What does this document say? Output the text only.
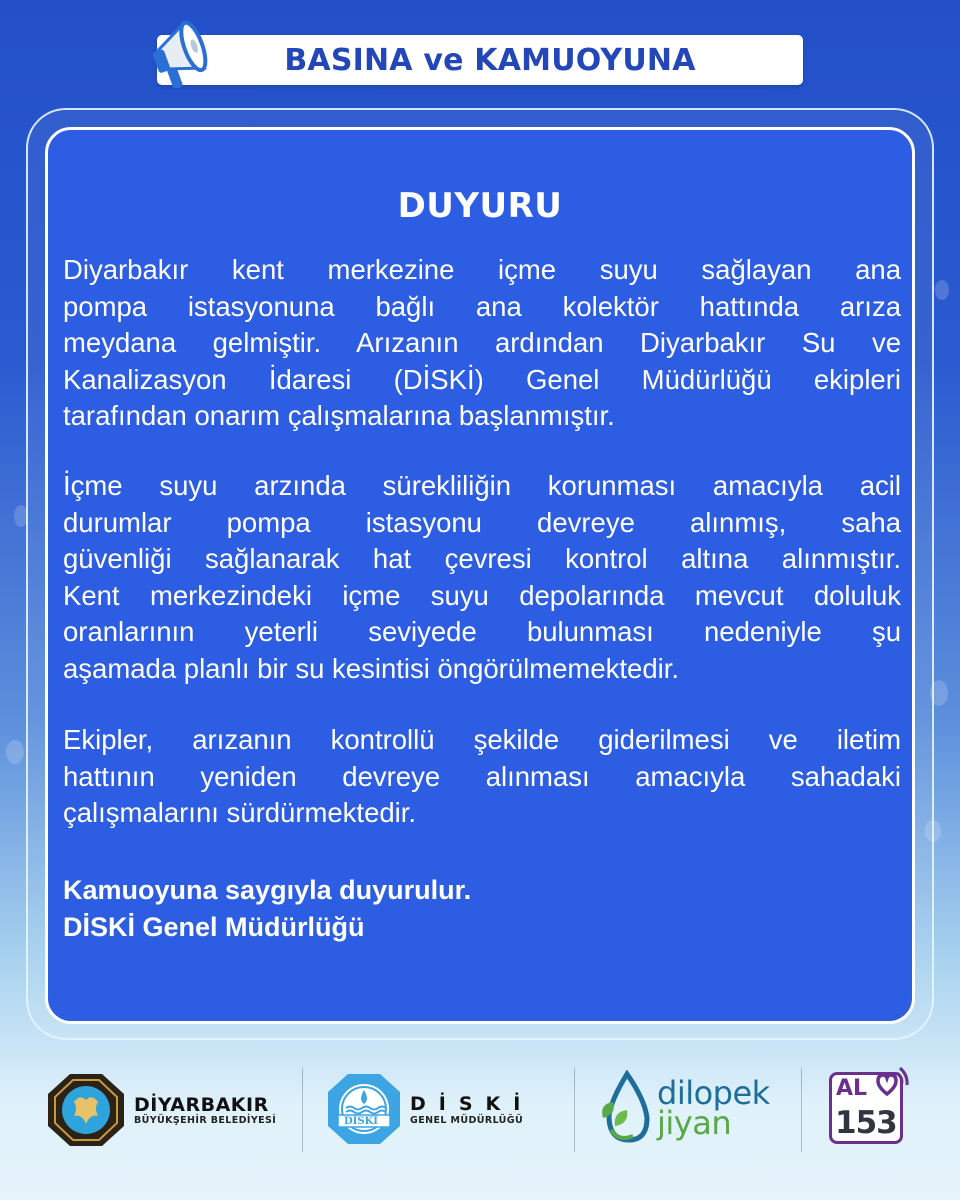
BASINA ve KAMUOYUNA
DUYURU
Diyarbakır kent merkezine içme suyu sağlayan ana
pompa istasyonuna bağlı ana kolektör hattında arıza
meydana gelmiştir. Arızanın ardından Diyarbakır Su ve
Kanalizasyon İdaresi (DİSKİ) Genel Müdürlüğü ekipleri
tarafından onarım çalışmalarına başlanmıştır.
İçme suyu arzında sürekliliğin korunması amacıyla acil
durumlar pompa istasyonu devreye alınmış, saha
güvenliği sağlanarak hat çevresi kontrol altına alınmıştır.
Kent merkezindeki içme suyu depolarında mevcut doluluk
oranlarının yeterli seviyede bulunması nedeniyle şu
aşamada planlı bir su kesintisi öngörülmemektedir.
Ekipler, arızanın kontrollü şekilde giderilmesi ve iletim
hattının yeniden devreye alınması amacıyla sahadaki
çalışmalarını sürdürmektedir.
Kamuoyuna saygıyla duyurulur.
DİSKİ Genel Müdürlüğü
DİYARBAKIR
BÜYÜKŞEHİR BELEDİYESİ	DİSKİ
DİSKİ
GENEL MÜDÜRLÜĞÜ
dilopek
jiyan
AL
153
